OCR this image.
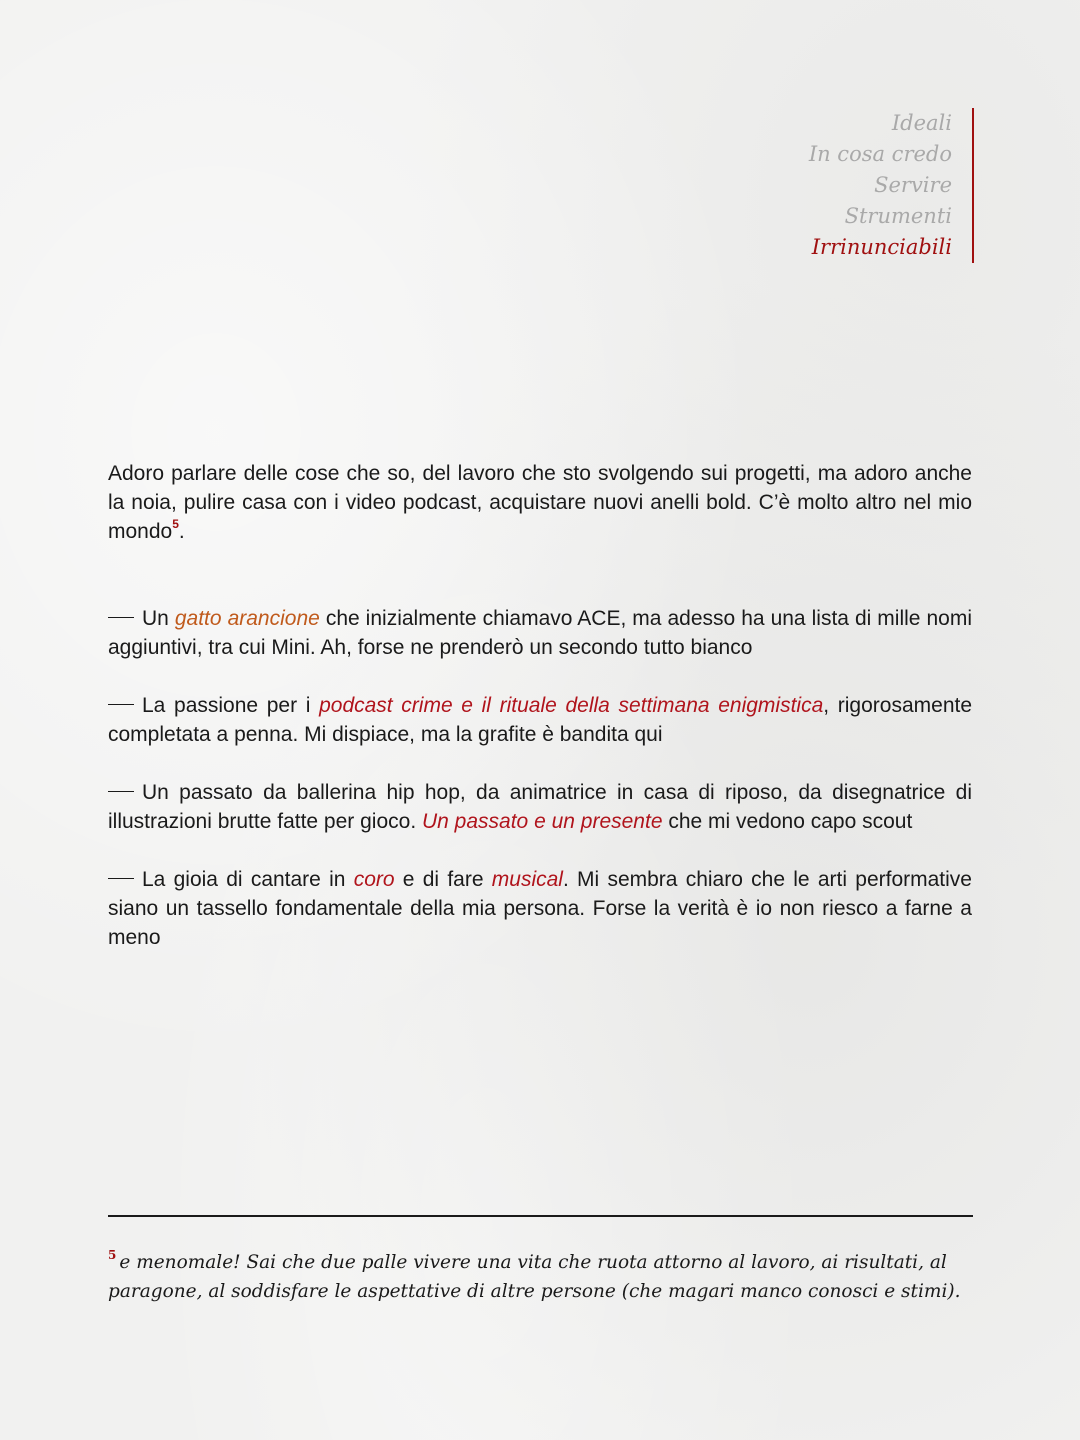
Ideali
In cosa credo
Servire
Strumenti
Irrinunciabili

Adoro parlare delle cose che so, del lavoro che sto svolgendo sui progetti, ma adoro anche la noia, pulire casa con i video podcast, acquistare nuovi anelli bold. C’è molto altro nel mio mondo$^5$.

Un gatto arancione che inizialmente chiamavo ACE, ma adesso ha una lista di mille nomi aggiuntivi, tra cui Mini. Ah, forse ne prenderò un secondo tutto bianco

La passione per i podcast crime e il rituale della settimana enigmistica, rigorosamente completata a penna. Mi dispiace, ma la grafite è bandita qui

Un passato da ballerina hip hop, da animatrice in casa di riposo, da disegnatrice di illustrazioni brutte fatte per gioco. Un passato e un presente che mi vedono capo scout

La gioia di cantare in coro e di fare musical. Mi sembra chiaro che le arti performative siano un tassello fondamentale della mia persona. Forse la verità è io non riesco a farne a meno

$^5$ e menomale! Sai che due palle vivere una vita che ruota attorno al lavoro, ai risultati, al paragone, al soddisfare le aspettative di altre persone (che magari manco conosci e stimi).
